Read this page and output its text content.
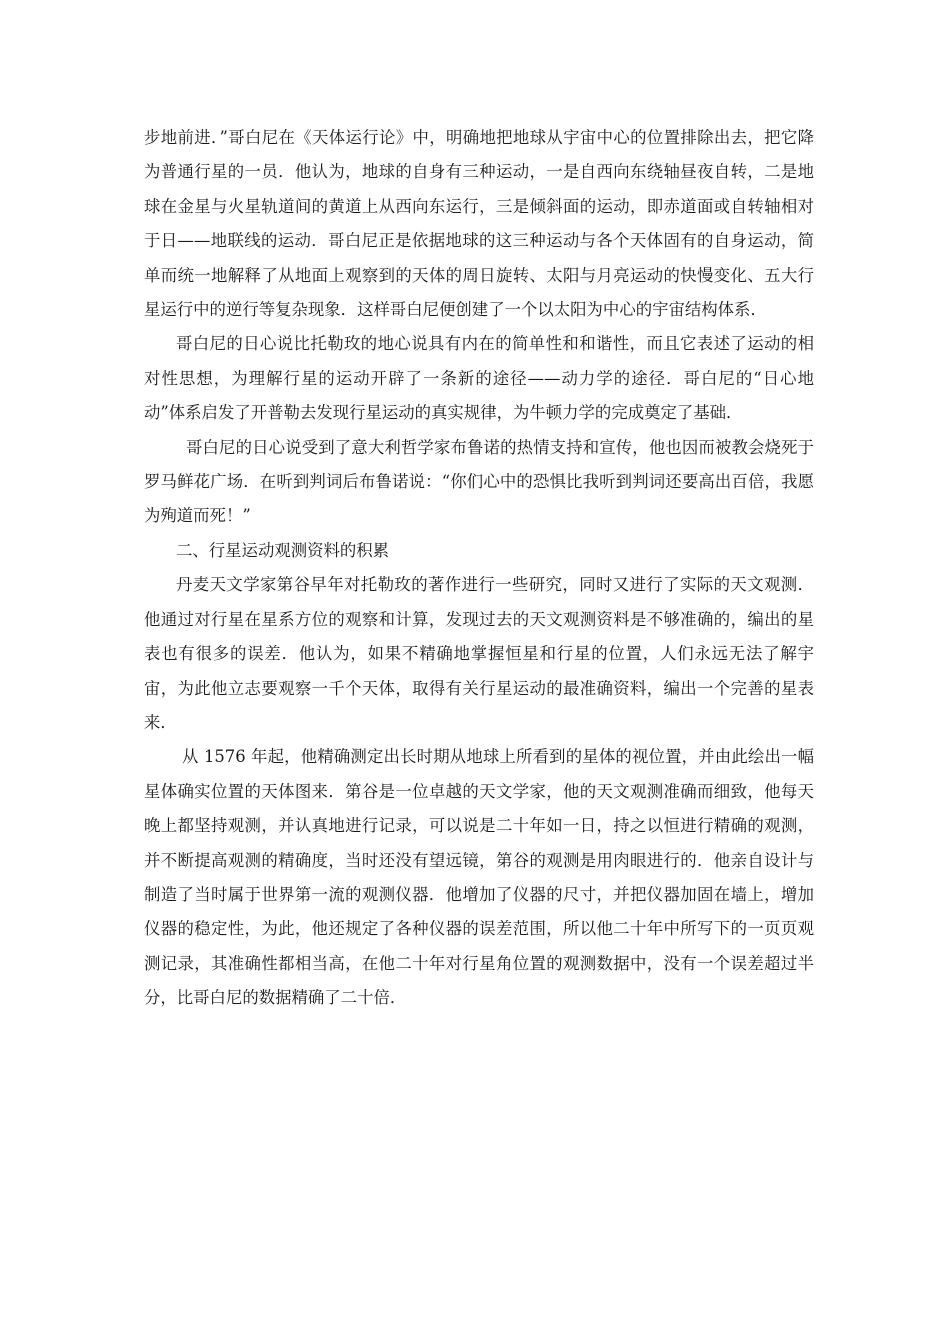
步地前进．”哥白尼在《天体运行论》中，明确地把地球从宇宙中心的位置排除出去，把它降为普通行星的一员．他认为，地球的自身有三种运动，一是自西向东绕轴昼夜自转，二是地球在金星与火星轨道间的黄道上从西向东运行，三是倾斜面的运动，即赤道面或自转轴相对于日——地联线的运动．哥白尼正是依据地球的这三种运动与各个天体固有的自身运动，简单而统一地解释了从地面上观察到的天体的周日旋转、太阳与月亮运动的快慢变化、五大行星运行中的逆行等复杂现象．这样哥白尼便创建了一个以太阳为中心的宇宙结构体系．

哥白尼的日心说比托勒玫的地心说具有内在的简单性和和谐性，而且它表述了运动的相对性思想，为理解行星的运动开辟了一条新的途径——动力学的途径．哥白尼的“日心地动”体系启发了开普勒去发现行星运动的真实规律，为牛顿力学的完成奠定了基础．

哥白尼的日心说受到了意大利哲学家布鲁诺的热情支持和宣传，他也因而被教会烧死于罗马鲜花广场．在听到判词后布鲁诺说：“你们心中的恐惧比我听到判词还要高出百倍，我愿为殉道而死！”

二、行星运动观测资料的积累

丹麦天文学家第谷早年对托勒玫的著作进行一些研究，同时又进行了实际的天文观测．他通过对行星在星系方位的观察和计算，发现过去的天文观测资料是不够准确的，编出的星表也有很多的误差．他认为，如果不精确地掌握恒星和行星的位置，人们永远无法了解宇宙，为此他立志要观察一千个天体，取得有关行星运动的最准确资料，编出一个完善的星表来．

从 1576 年起，他精确测定出长时期从地球上所看到的星体的视位置，并由此绘出一幅星体确实位置的天体图来．第谷是一位卓越的天文学家，他的天文观测准确而细致，他每天晚上都坚持观测，并认真地进行记录，可以说是二十年如一日，持之以恒进行精确的观测，并不断提高观测的精确度，当时还没有望远镜，第谷的观测是用肉眼进行的．他亲自设计与制造了当时属于世界第一流的观测仪器．他增加了仪器的尺寸，并把仪器加固在墙上，增加仪器的稳定性，为此，他还规定了各种仪器的误差范围，所以他二十年中所写下的一页页观测记录，其准确性都相当高，在他二十年对行星角位置的观测数据中，没有一个误差超过半分，比哥白尼的数据精确了二十倍．
